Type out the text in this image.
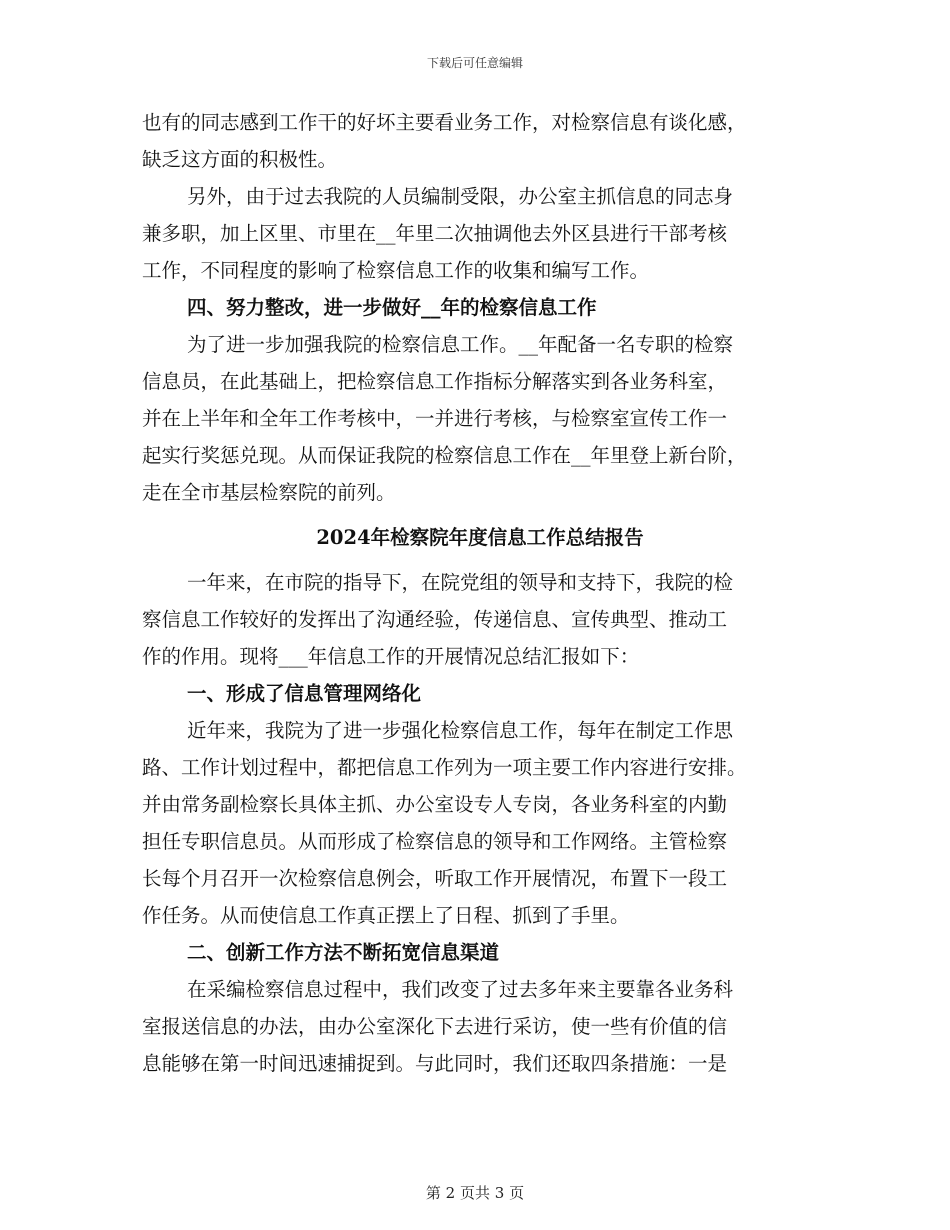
下载后可任意编辑
也有的同志感到工作干的好坏主要看业务工作，对检察信息有谈化感，
缺乏这方面的积极性。
另外，由于过去我院的人员编制受限，办公室主抓信息的同志身
兼多职，加上区里、市里在__年里二次抽调他去外区县进行干部考核
工作，不同程度的影响了检察信息工作的收集和编写工作。
四、努力整改，进一步做好__年的检察信息工作
为了进一步加强我院的检察信息工作。__年配备一名专职的检察
信息员，在此基础上，把检察信息工作指标分解落实到各业务科室，
并在上半年和全年工作考核中，一并进行考核，与检察室宣传工作一
起实行奖惩兑现。从而保证我院的检察信息工作在__年里登上新台阶，
走在全市基层检察院的前列。
2024年检察院年度信息工作总结报告
一年来，在市院的指导下，在院党组的领导和支持下，我院的检
察信息工作较好的发挥出了沟通经验，传递信息、宣传典型、推动工
作的作用。现将___年信息工作的开展情况总结汇报如下：
一、形成了信息管理网络化
近年来，我院为了进一步强化检察信息工作，每年在制定工作思
路、工作计划过程中，都把信息工作列为一项主要工作内容进行安排。
并由常务副检察长具体主抓、办公室设专人专岗，各业务科室的内勤
担任专职信息员。从而形成了检察信息的领导和工作网络。主管检察
长每个月召开一次检察信息例会，听取工作开展情况，布置下一段工
作任务。从而使信息工作真正摆上了日程、抓到了手里。
二、创新工作方法不断拓宽信息渠道
在采编检察信息过程中，我们改变了过去多年来主要靠各业务科
室报送信息的办法，由办公室深化下去进行采访，使一些有价值的信
息能够在第一时间迅速捕捉到。与此同时，我们还取四条措施：一是
第 2 页共 3 页
